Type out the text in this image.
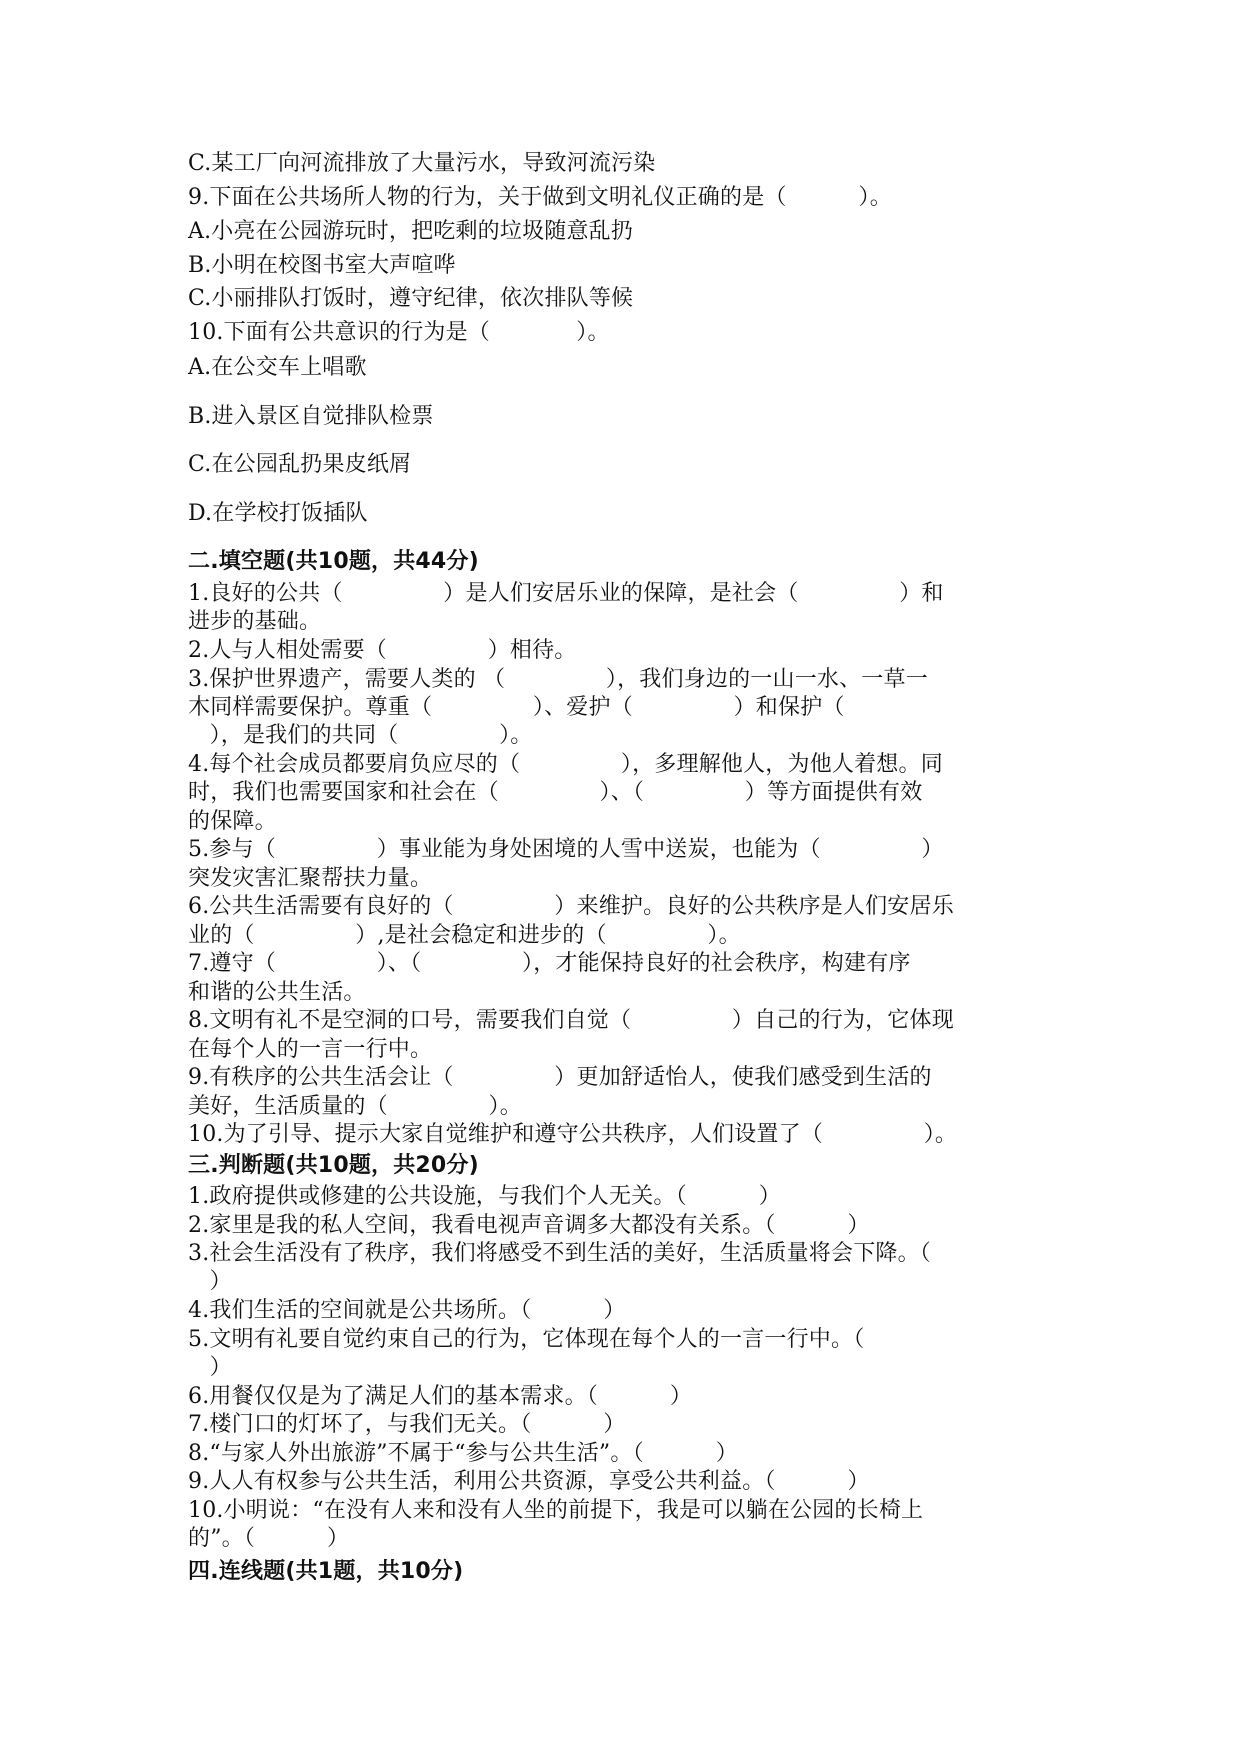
C.某工厂向河流排放了大量污水，导致河流污染
9.下面在公共场所人物的行为，关于做到文明礼仪正确的是（          ）。
A.小亮在公园游玩时，把吃剩的垃圾随意乱扔
B.小明在校图书室大声喧哗
C.小丽排队打饭时，遵守纪律，依次排队等候
10.下面有公共意识的行为是（            ）。
A.在公交车上唱歌
B.进入景区自觉排队检票
C.在公园乱扔果皮纸屑
D.在学校打饭插队
二.填空题(共10题，共44分)
1.良好的公共（              ）是人们安居乐业的保障，是社会（              ）和
进步的基础。
2.人与人相处需要（              ）相待。
3.保护世界遗产，需要人类的 （              ），我们身边的一山一水、一草一
木同样需要保护。尊重（              ）、爱护（              ）和保护（
），是我们的共同（              ）。
4.每个社会成员都要肩负应尽的（              ），多理解他人，为他人着想。同
时，我们也需要国家和社会在（              ）、（              ）等方面提供有效
的保障。
5.参与（              ）事业能为身处困境的人雪中送炭，也能为（              ）
突发灾害汇聚帮扶力量。
6.公共生活需要有良好的（              ）来维护。良好的公共秩序是人们安居乐
业的（              ）,是社会稳定和进步的（              ）。
7.遵守（              ）、（              ），才能保持良好的社会秩序，构建有序
和谐的公共生活。
8.文明有礼不是空洞的口号，需要我们自觉（              ）自己的行为，它体现
在每个人的一言一行中。
9.有秩序的公共生活会让（              ）更加舒适怡人，使我们感受到生活的
美好，生活质量的（              ）。
10.为了引导、提示大家自觉维护和遵守公共秩序，人们设置了（              ）。
三.判断题(共10题，共20分)
1.政府提供或修建的公共设施，与我们个人无关。（          ）
2.家里是我的私人空间，我看电视声音调多大都没有关系。（          ）
3.社会生活没有了秩序，我们将感受不到生活的美好，生活质量将会下降。（
）
4.我们生活的空间就是公共场所。（          ）
5.文明有礼要自觉约束自己的行为，它体现在每个人的一言一行中。（
）
6.用餐仅仅是为了满足人们的基本需求。（          ）
7.楼门口的灯坏了，与我们无关。（          ）
8.“与家人外出旅游”不属于“参与公共生活”。（          ）
9.人人有权参与公共生活，利用公共资源，享受公共利益。（          ）
10.小明说：“在没有人来和没有人坐的前提下，我是可以躺在公园的长椅上
的”。（          ）
四.连线题(共1题，共10分)
